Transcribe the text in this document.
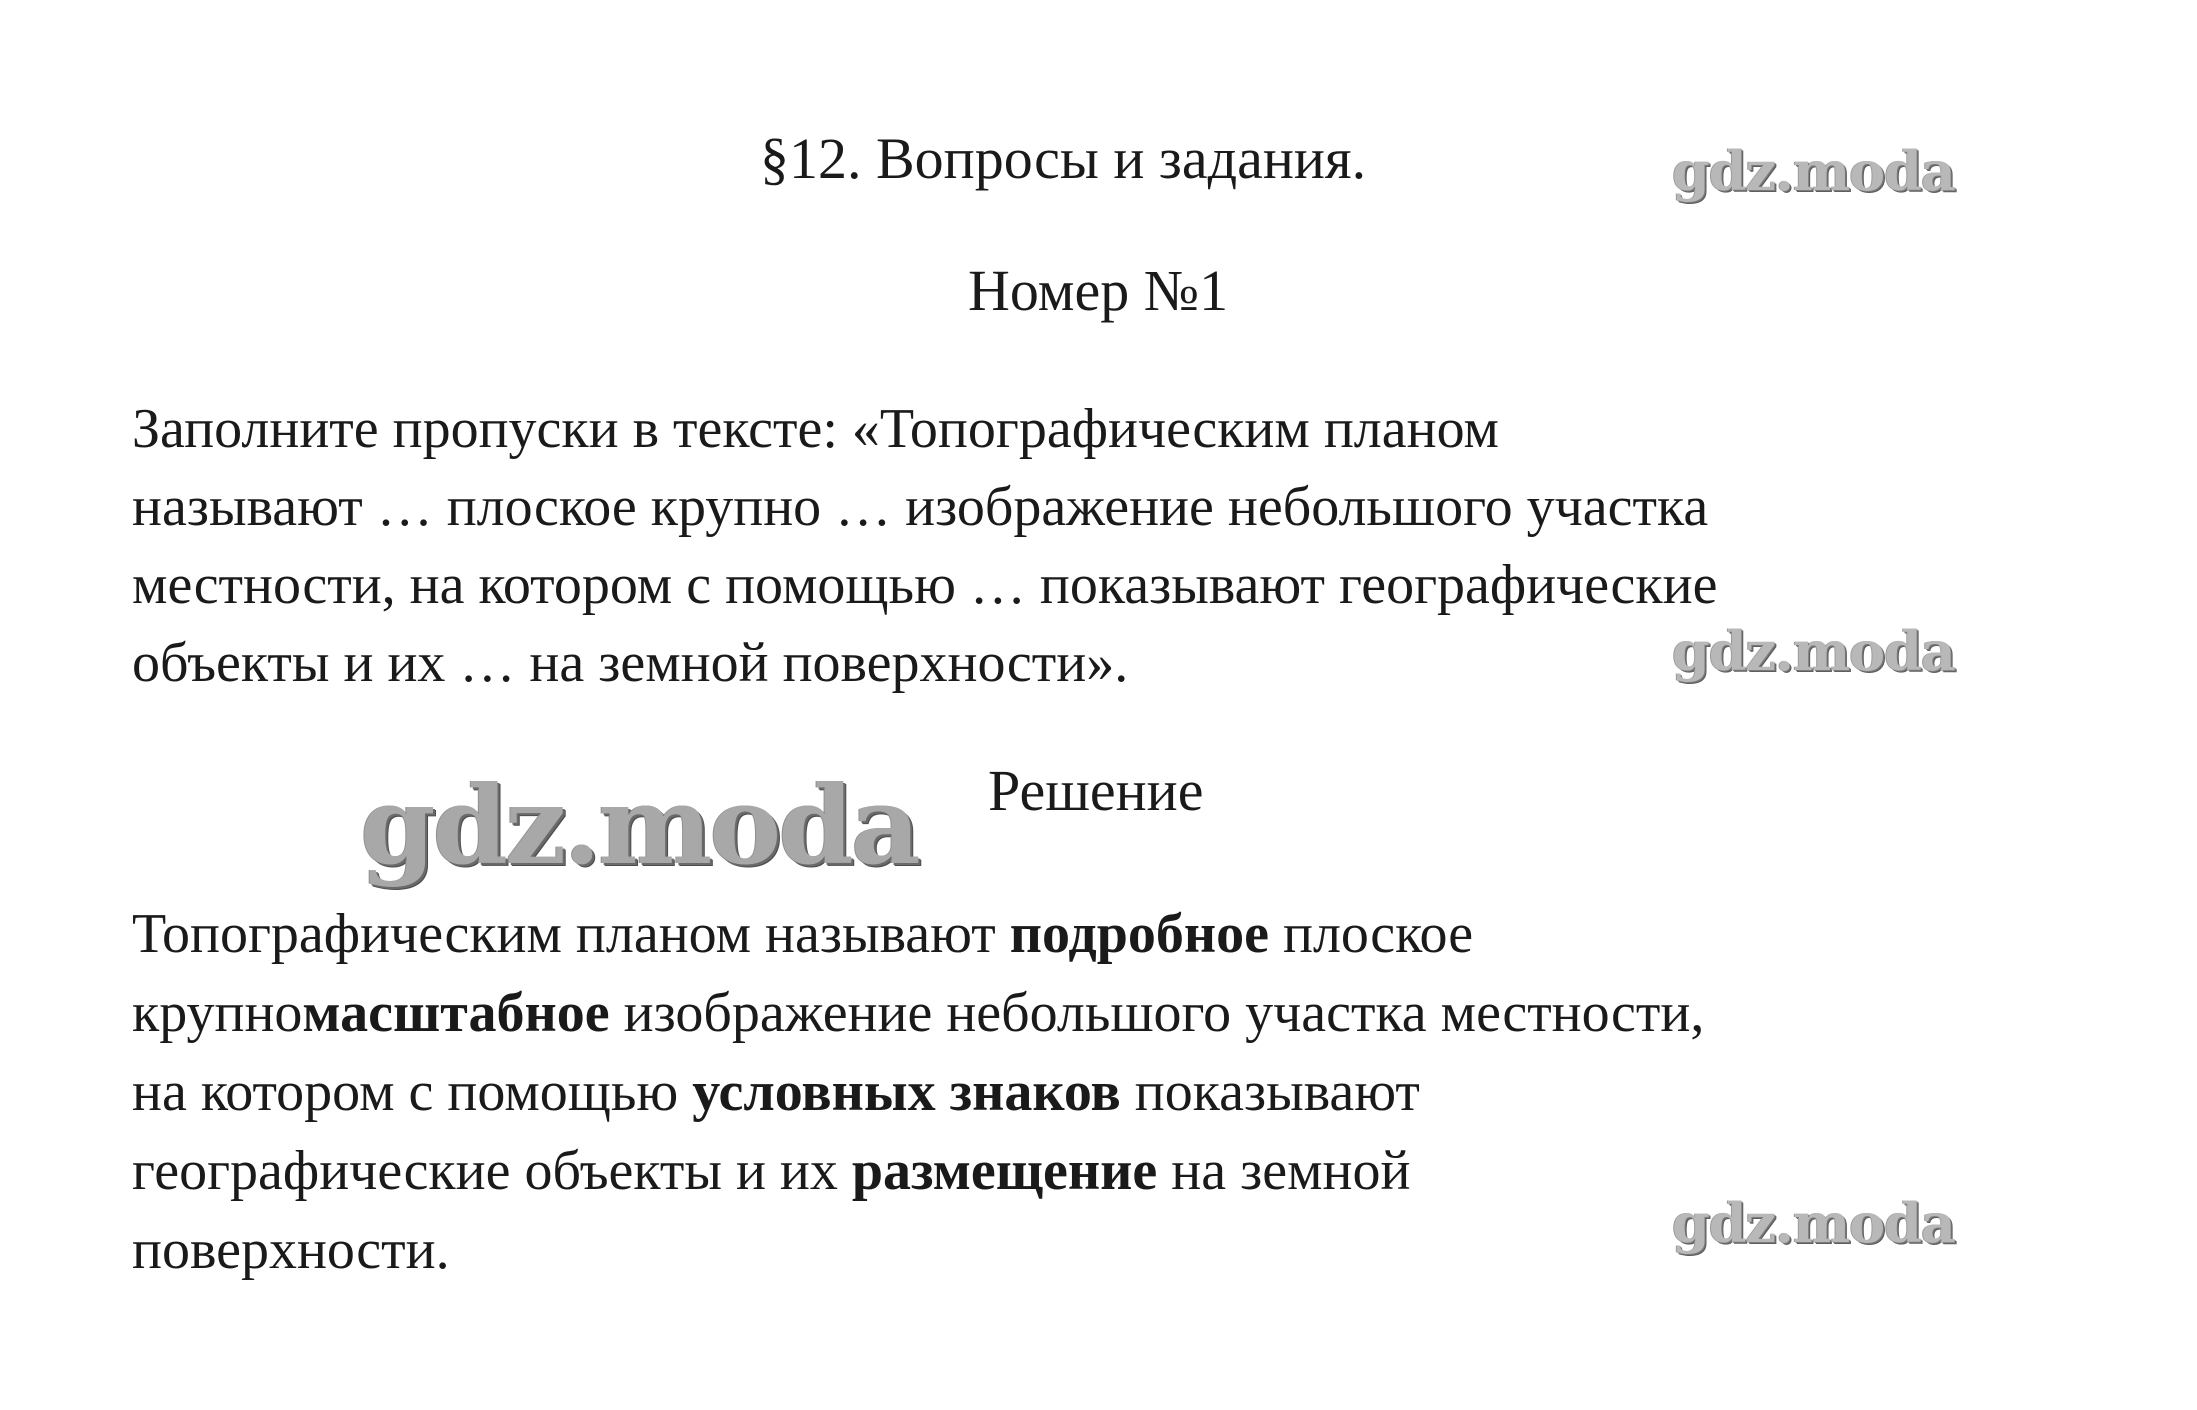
§12. Вопросы и задания.
Номер №1
Заполните пропуски в тексте: «Топографическим планом
называют … плоское крупно … изображение небольшого участка
местности, на котором с помощью … показывают географические
объекты и их … на земной поверхности».
Решение
Топографическим планом называют подробное плоское
крупномасштабное изображение небольшого участка местности,
на котором с помощью условных знаков показывают
географические объекты и их размещение на земной
поверхности.
gdz.moda
gdz.moda
gdz.moda
gdz.moda
